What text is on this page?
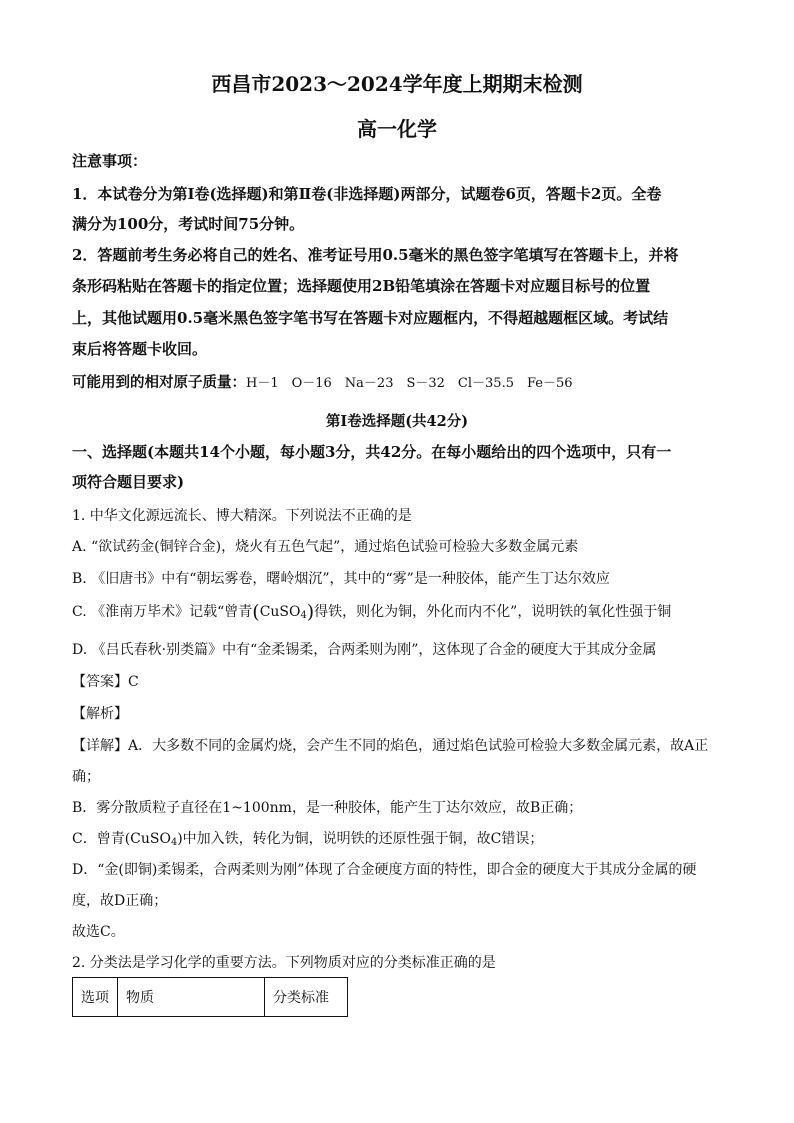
西昌市2023～2024学年度上期期末检测
高一化学
注意事项：
1．本试卷分为第Ⅰ卷(选择题)和第Ⅱ卷(非选择题)两部分，试题卷6页，答题卡2页。全卷
满分为100分，考试时间75分钟。
2．答题前考生务必将自己的姓名、准考证号用0.5毫米的黑色签字笔填写在答题卡上，并将
条形码粘贴在答题卡的指定位置；选择题使用2B铅笔填涂在答题卡对应题目标号的位置
上，其他试题用0.5毫米黑色签字笔书写在答题卡对应题框内，不得超越题框区域。考试结
束后将答题卡收回。
可能用到的相对原子质量：H－1　O－16　Na－23　S－32　Cl－35.5　Fe－56
第Ⅰ卷选择题(共42分)
一、选择题(本题共14个小题，每小题3分，共42分。在每小题给出的四个选项中，只有一
项符合题目要求)
1. 中华文化源远流长、博大精深。下列说法不正确的是
A. “欲试药金(铜锌合金)，烧火有五色气起”，通过焰色试验可检验大多数金属元素
B. 《旧唐书》中有“朝坛雾卷，曙岭烟沉”，其中的“雾”是一种胶体，能产生丁达尔效应
C. 《淮南万毕术》记载“曾青(CuSO$_4$)得铁，则化为铜，外化而内不化”，说明铁的氧化性强于铜
D. 《吕氏春秋·别类篇》中有“金柔锡柔，合两柔则为刚”，这体现了合金的硬度大于其成分金属
【答案】C
【解析】
【详解】A．大多数不同的金属灼烧，会产生不同的焰色，通过焰色试验可检验大多数金属元素，故A正
确；
B．雾分散质粒子直径在1~100nm，是一种胶体，能产生丁达尔效应，故B正确；
C．曾青(CuSO$_4$)中加入铁，转化为铜，说明铁的还原性强于铜，故C错误；
D．“金(即铜)柔锡柔，合两柔则为刚”体现了合金硬度方面的特性，即合金的硬度大于其成分金属的硬
度，故D正确；
故选C。
2. 分类法是学习化学的重要方法。下列物质对应的分类标准正确的是
选项	物质	分类标准
